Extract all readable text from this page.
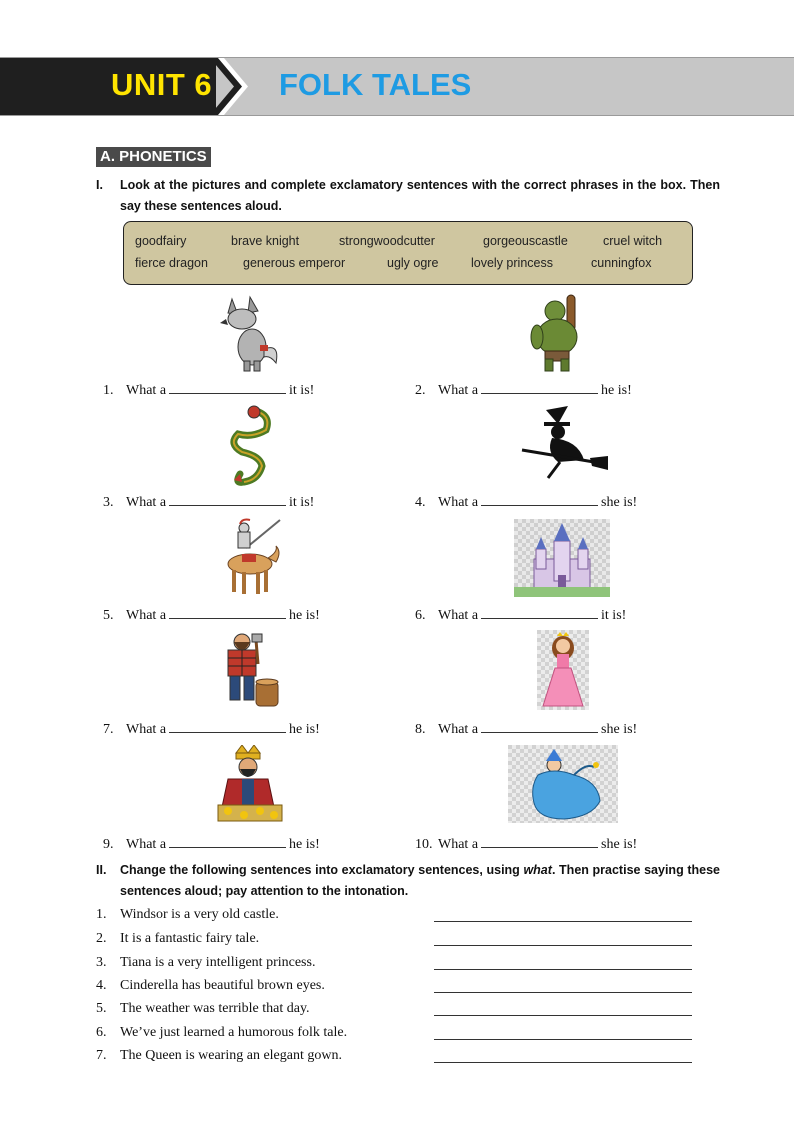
UNIT 6 FOLK TALES
A. PHONETICS
I. Look at the pictures and complete exclamatory sentences with the correct phrases in the box. Then say these sentences aloud.
goodfairy	brave knight	strongwoodcutter	gorgeouscastle	cruel witch
fierce dragon	generous emperor	ugly ogre	lovely princess	cunningfox
1. What a	it is!	2. What a	he is!
3. What a	it is!	4. What a	she is!
5. What a	he is!	6. What a	it is!
7. What a	he is!	8. What a	she is!
9. What a	he is!	10. What a	she is!
II. Change the following sentences into exclamatory sentences, using what. Then practise saying these sentences aloud; pay attention to the intonation.
1. Windsor is a very old castle.
2. It is a fantastic fairy tale.
3. Tiana is a very intelligent princess.
4. Cinderella has beautiful brown eyes.
5. The weather was terrible that day.
6. We’ve just learned a humorous folk tale.
7. The Queen is wearing an elegant gown.
